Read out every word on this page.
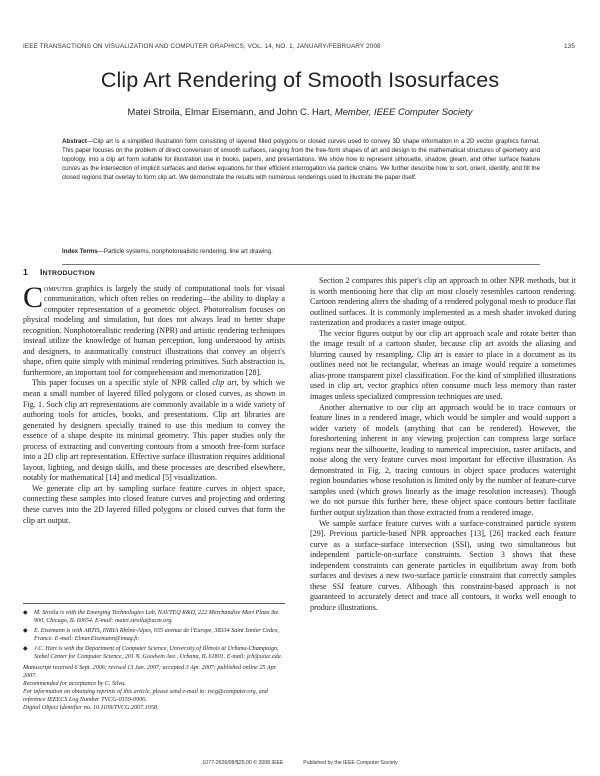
IEEE TRANSACTIONS ON VISUALIZATION AND COMPUTER GRAPHICS, VOL. 14, NO. 1, JANUARY/FEBRUARY 2008	135
Clip Art Rendering of Smooth Isosurfaces
Matei Stroila, Elmar Eisemann, and John C. Hart, Member, IEEE Computer Society
Abstract—Clip art is a simplified illustration form consisting of layered filled polygons or closed curves used to convey 3D shape information in a 2D vector graphics format. This paper focuses on the problem of direct conversion of smooth surfaces, ranging from the free-form shapes of art and design to the mathematical structures of geometry and topology, into a clip art form suitable for illustration use in books, papers, and presentations. We show how to represent silhouette, shadow, gleam, and other surface feature curves as the intersection of implicit surfaces and derive equations for their efficient interrogation via particle chains. We further describe how to sort, orient, identify, and fill the closed regions that overlay to form clip art. We demonstrate the results with numerous renderings used to illustrate the paper itself.
Index Terms—Particle systems, nonphotorealistic rendering, line art drawing.
1 INTRODUCTION

Computer graphics is largely the study of computational tools for visual communication, which often relies on rendering—the ability to display a computer representation of a geometric object. Photorealism focuses on physical modeling and simulation, but does not always lead to better shape recognition. Nonphotorealistic rendering (NPR) and artistic rendering techniques instead utilize the knowledge of human perception, long understood by artists and designers, to automatically construct illustrations that convey an object's shape, often quite simply with minimal rendering primitives. Such abstraction is, furthermore, an important tool for comprehension and memorization [28].

This paper focuses on a specific style of NPR called clip art, by which we mean a small number of layered filled polygons or closed curves, as shown in Fig. 1. Such clip art representations are commonly available in a wide variety of authoring tools for articles, books, and presentations. Clip art libraries are generated by designers specially trained to use this medium to convey the essence of a shape despite its minimal geometry. This paper studies only the process of extracting and converting contours from a smooth free-form surface into a 2D clip art representation. Effective surface illustration requires additional layout, lighting, and design skills, and these processes are described elsewhere, notably for mathematical [14] and medical [5] visualization.

We generate clip art by sampling surface feature curves in object space, connecting these samples into closed feature curves and projecting and ordering these curves into the 2D layered filled polygons or closed curves that form the clip art output.

◆ M. Stroila is with the Emerging Technologies Lab, NAVTEQ R&D, 222 Merchandise Mart Plaza Ste. 900, Chicago, IL 60654. E-mail: matei.stroila@acm.org.
◆ E. Eisemann is with ARTIS, INRIA Rhône-Alpes, 655 avenue de l'Europe, 38334 Saint Ismier Cedex, France. E-mail: Elmar.Eisemann@imag.fr.
◆ J.C. Hart is with the Department of Computer Science, University of Illinois at Urbana-Champaign, Siebel Center for Computer Science, 201 N. Goodwin Ave., Urbana, IL 61801. E-mail: jch@uiuc.edu.
Manuscript received 6 Sept. 2006; revised 13 Jan. 2007; accepted 3 Apr. 2007; published online 25 Apr. 2007.
Recommended for acceptance by C. Silva.
For information on obtaining reprints of this article, please send e-mail to: tvcg@computer.org, and reference IEEECS Log Number TVCG-0159-0906.
Digital Object Identifier no. 10.1109/TVCG.2007.1058.

Section 2 compares this paper's clip art approach to other NPR methods, but it is worth mentioning here that clip art most closely resembles cartoon rendering. Cartoon rendering alters the shading of a rendered polygonal mesh to produce flat outlined surfaces. It is commonly implemented as a mesh shader invoked during rasterization and produces a raster image output.

The vector figures output by our clip art approach scale and rotate better than the image result of a cartoon shader, because clip art avoids the aliasing and blurring caused by resampling. Clip art is easier to place in a document as its outlines need not be rectangular, whereas an image would require a sometimes alias-prone transparent pixel classification. For the kind of simplified illustrations used in clip art, vector graphics often consume much less memory than raster images unless specialized compression techniques are used.

Another alternative to our clip art approach would be to trace contours or feature lines in a rendered image, which would be simpler and would support a wider variety of models (anything that can be rendered). However, the foreshortening inherent in any viewing projection can compress large surface regions near the silhouette, leading to numerical imprecision, raster artifacts, and noise along the very feature curves most important for effective illustration. As demonstrated in Fig. 2, tracing contours in object space produces watertight region boundaries whose resolution is limited only by the number of feature-curve samples used (which grows linearly as the image resolution increases). Though we do not pursue this further here, these object space contours better facilitate further output stylization than those extracted from a rendered image.

We sample surface feature curves with a surface-constrained particle system [29]. Previous particle-based NPR approaches [13], [26] tracked each feature curve as a surface-surface intersection (SSI), using two simultaneous but independent particle-on-surface constraints. Section 3 shows that these independent constraints can generate particles in equilibrium away from both surfaces and devises a new two-surface particle constraint that correctly samples these SSI feature curves. Although this constraint-based approach is not guaranteed to accurately detect and trace all contours, it works well enough to produce illustrations.

1077-2626/08/$25.00 © 2008 IEEE	Published by the IEEE Computer Society
